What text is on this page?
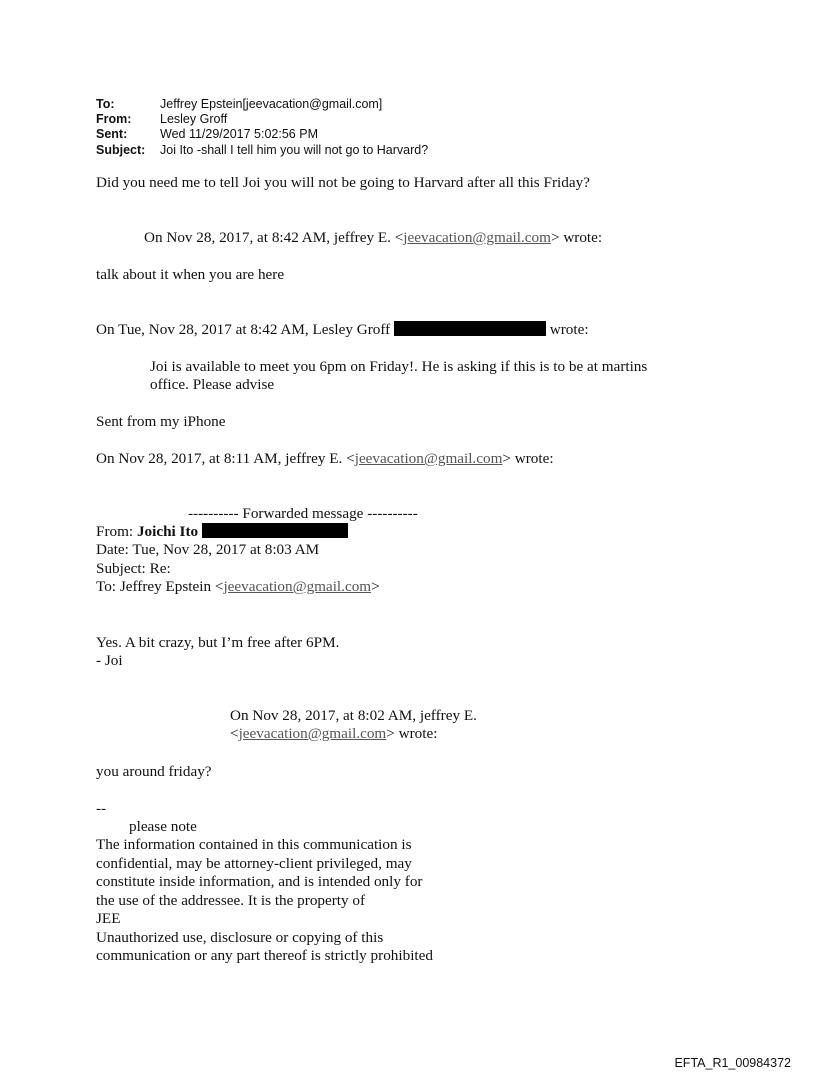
To:	Jeffrey Epstein[jeevacation@gmail.com]
From:	Lesley Groff
Sent:	Wed 11/29/2017 5:02:56 PM
Subject:	Joi Ito -shall I tell him you will not go to Harvard?
Did you need me to tell Joi you will not be going to Harvard after all this Friday?
On Nov 28, 2017, at 8:42 AM, jeffrey E. <jeevacation@gmail.com> wrote:
talk about it when you are here
On Tue, Nov 28, 2017 at 8:42 AM, Lesley Groff	wrote:
Joi is available to meet you 6pm on Friday!. He is asking if this is to be at martins
office. Please advise
Sent from my iPhone
On Nov 28, 2017, at 8:11 AM, jeffrey E. <jeevacation@gmail.com> wrote:
---------- Forwarded message ----------
From: Joichi Ito
Date: Tue, Nov 28, 2017 at 8:03 AM
Subject: Re:
To: Jeffrey Epstein <jeevacation@gmail.com>
Yes. A bit crazy, but I’m free after 6PM.
- Joi
On Nov 28, 2017, at 8:02 AM, jeffrey E.
<jeevacation@gmail.com> wrote:
you around friday?
--
please note
The information contained in this communication is
confidential, may be attorney-client privileged, may
constitute inside information, and is intended only for
the use of the addressee. It is the property of
JEE
Unauthorized use, disclosure or copying of this
communication or any part thereof is strictly prohibited
EFTA_R1_00984372
